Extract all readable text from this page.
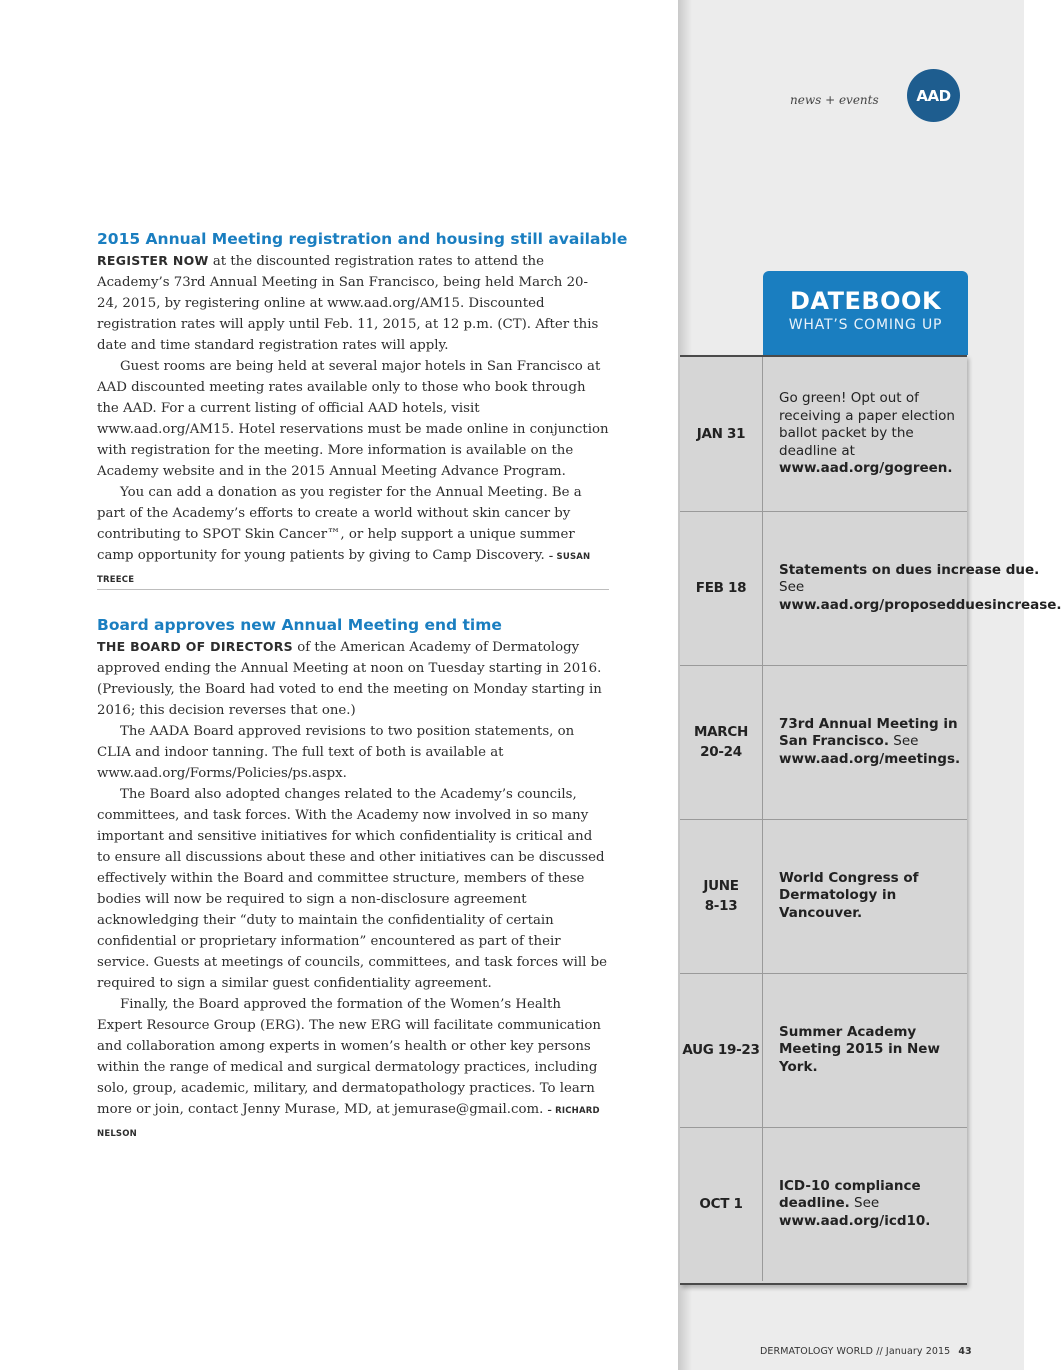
news + events	AAD
2015 Annual Meeting registration and housing still available

REGISTER NOW at the discounted registration rates to attend the Academy’s 73rd Annual Meeting in San Francisco, being held March 20-24, 2015, by registering online at www.aad.org/AM15. Discounted registration rates will apply until Feb. 11, 2015, at 12 p.m. (CT). After this date and time standard registration rates will apply.

Guest rooms are being held at several major hotels in San Francisco at AAD discounted meeting rates available only to those who book through the AAD. For a current listing of official AAD hotels, visit www.aad.org/AM15. Hotel reservations must be made online in conjunction with registration for the meeting. More information is available on the Academy website and in the 2015 Annual Meeting Advance Program.

You can add a donation as you register for the Annual Meeting. Be a part of the Academy’s efforts to create a world without skin cancer by contributing to SPOT Skin Cancer™, or help support a unique summer camp opportunity for young patients by giving to Camp Discovery. – SUSAN TREECE

Board approves new Annual Meeting end time

THE BOARD OF DIRECTORS of the American Academy of Dermatology approved ending the Annual Meeting at noon on Tuesday starting in 2016. (Previously, the Board had voted to end the meeting on Monday starting in 2016; this decision reverses that one.)

The AADA Board approved revisions to two position statements, on CLIA and indoor tanning. The full text of both is available at www.aad.org/Forms/Policies/ps.aspx.

The Board also adopted changes related to the Academy’s councils, committees, and task forces. With the Academy now involved in so many important and sensitive initiatives for which confidentiality is critical and to ensure all discussions about these and other initiatives can be discussed effectively within the Board and committee structure, members of these bodies will now be required to sign a non-disclosure agreement acknowledging their “duty to maintain the confidentiality of certain confidential or proprietary information” encountered as part of their service. Guests at meetings of councils, committees, and task forces will be required to sign a similar guest confidentiality agreement.

Finally, the Board approved the formation of the Women’s Health Expert Resource Group (ERG). The new ERG will facilitate communication and collaboration among experts in women’s health or other key persons within the range of medical and surgical dermatology practices, including solo, group, academic, military, and dermatopathology practices. To learn more or join, contact Jenny Murase, MD, at jemurase@gmail.com. – RICHARD NELSON

DATEBOOK
WHAT’S COMING UP
JAN 31
Go green! Opt out of receiving a paper election ballot packet by the deadline at www.aad.org/gogreen.
FEB 18
Statements on dues increase due. See www.aad.org/proposedduesincrease.
MARCH
20-24
73rd Annual Meeting in San Francisco. See www.aad.org/meetings.
JUNE
8-13
World Congress of Dermatology in Vancouver.
AUG 19-23
Summer Academy Meeting 2015 in New York.
OCT 1
ICD-10 compliance deadline. See www.aad.org/icd10.
DERMATOLOGY WORLD // January 2015 43
